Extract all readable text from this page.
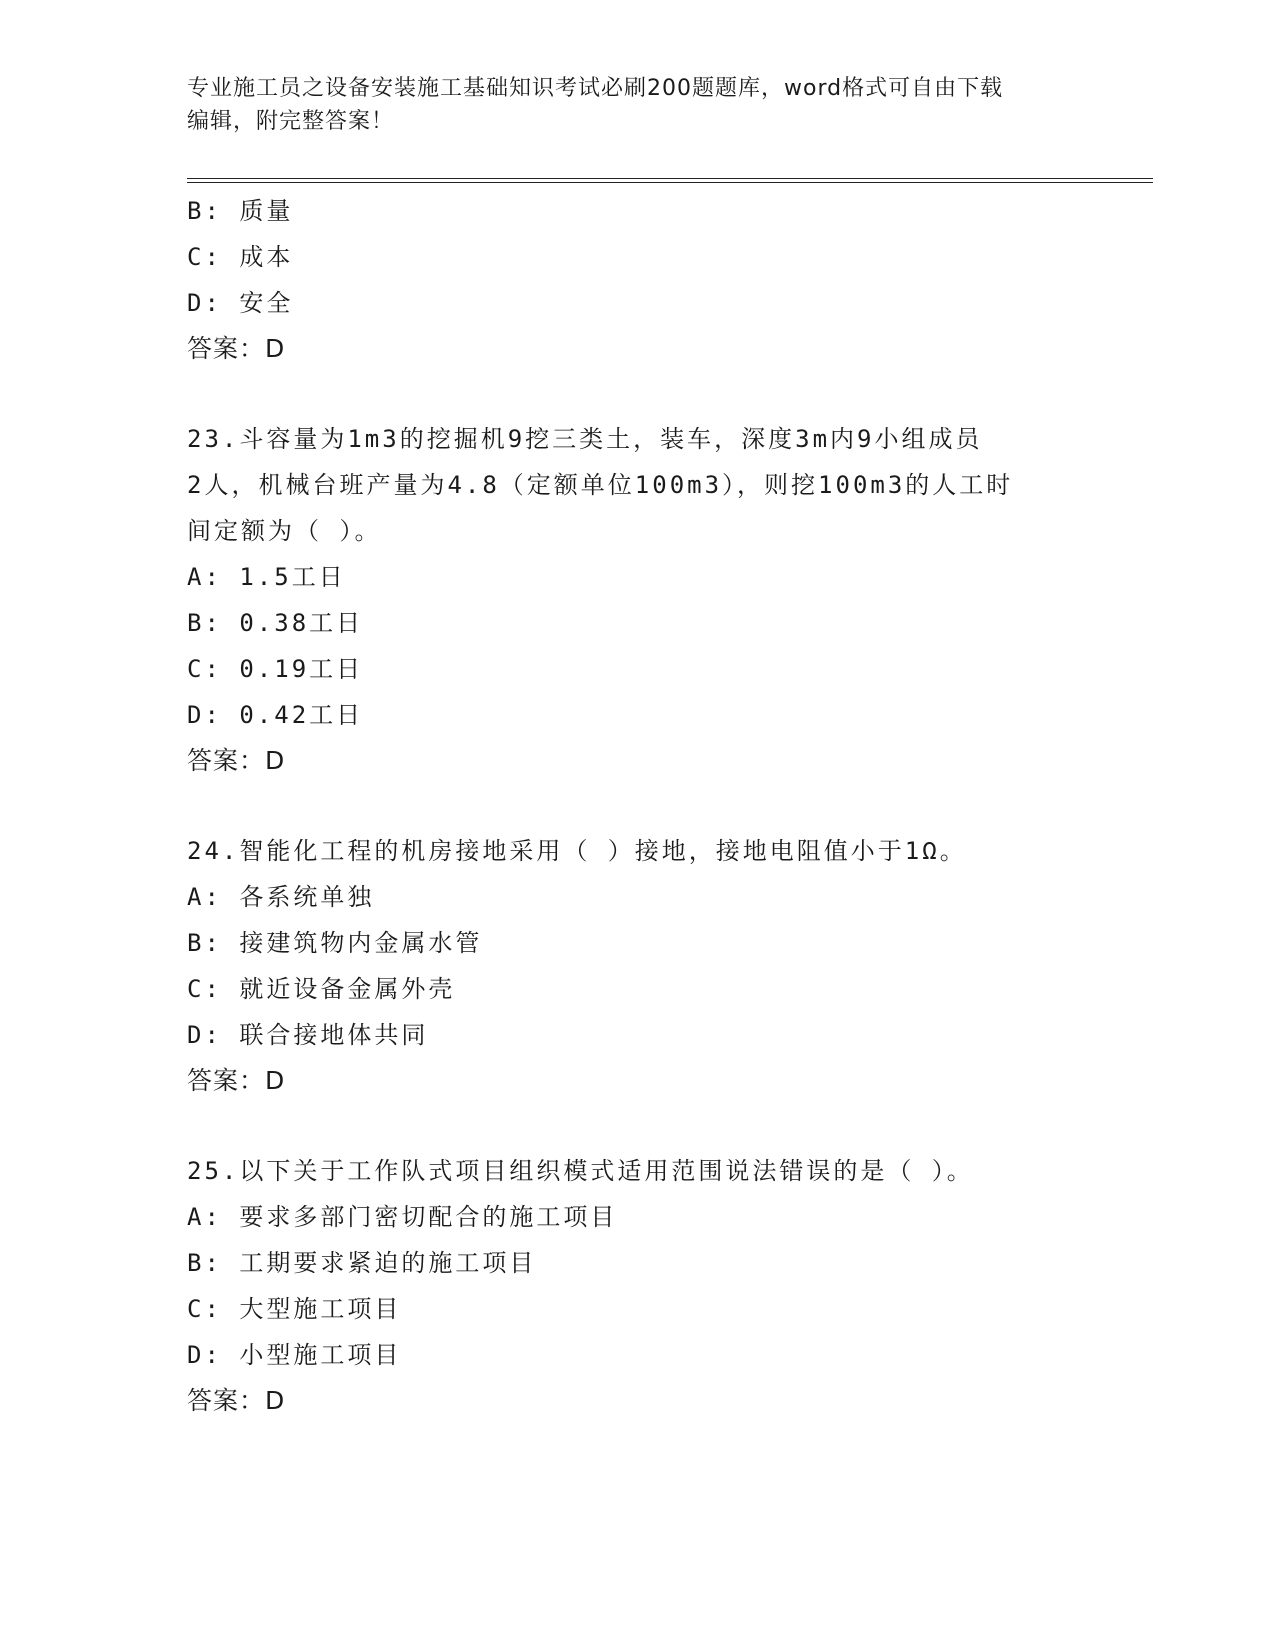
专业施工员之设备安装施工基础知识考试必刷200题题库，word格式可自由下载
编辑，附完整答案！
B: 质量
C: 成本
D: 安全
答案：D
23.斗容量为1m3的挖掘机9挖三类土，装车，深度3m内9小组成员
2人，机械台班产量为4.8（定额单位100m3），则挖100m3的人工时
间定额为（ ）。
A: 1.5工日
B: 0.38工日
C: 0.19工日
D: 0.42工日
答案：D
24.智能化工程的机房接地采用（ ）接地，接地电阻值小于1Ω。
A: 各系统单独
B: 接建筑物内金属水管
C: 就近设备金属外壳
D: 联合接地体共同
答案：D
25.以下关于工作队式项目组织模式适用范围说法错误的是（ ）。
A: 要求多部门密切配合的施工项目
B: 工期要求紧迫的施工项目
C: 大型施工项目
D: 小型施工项目
答案：D
